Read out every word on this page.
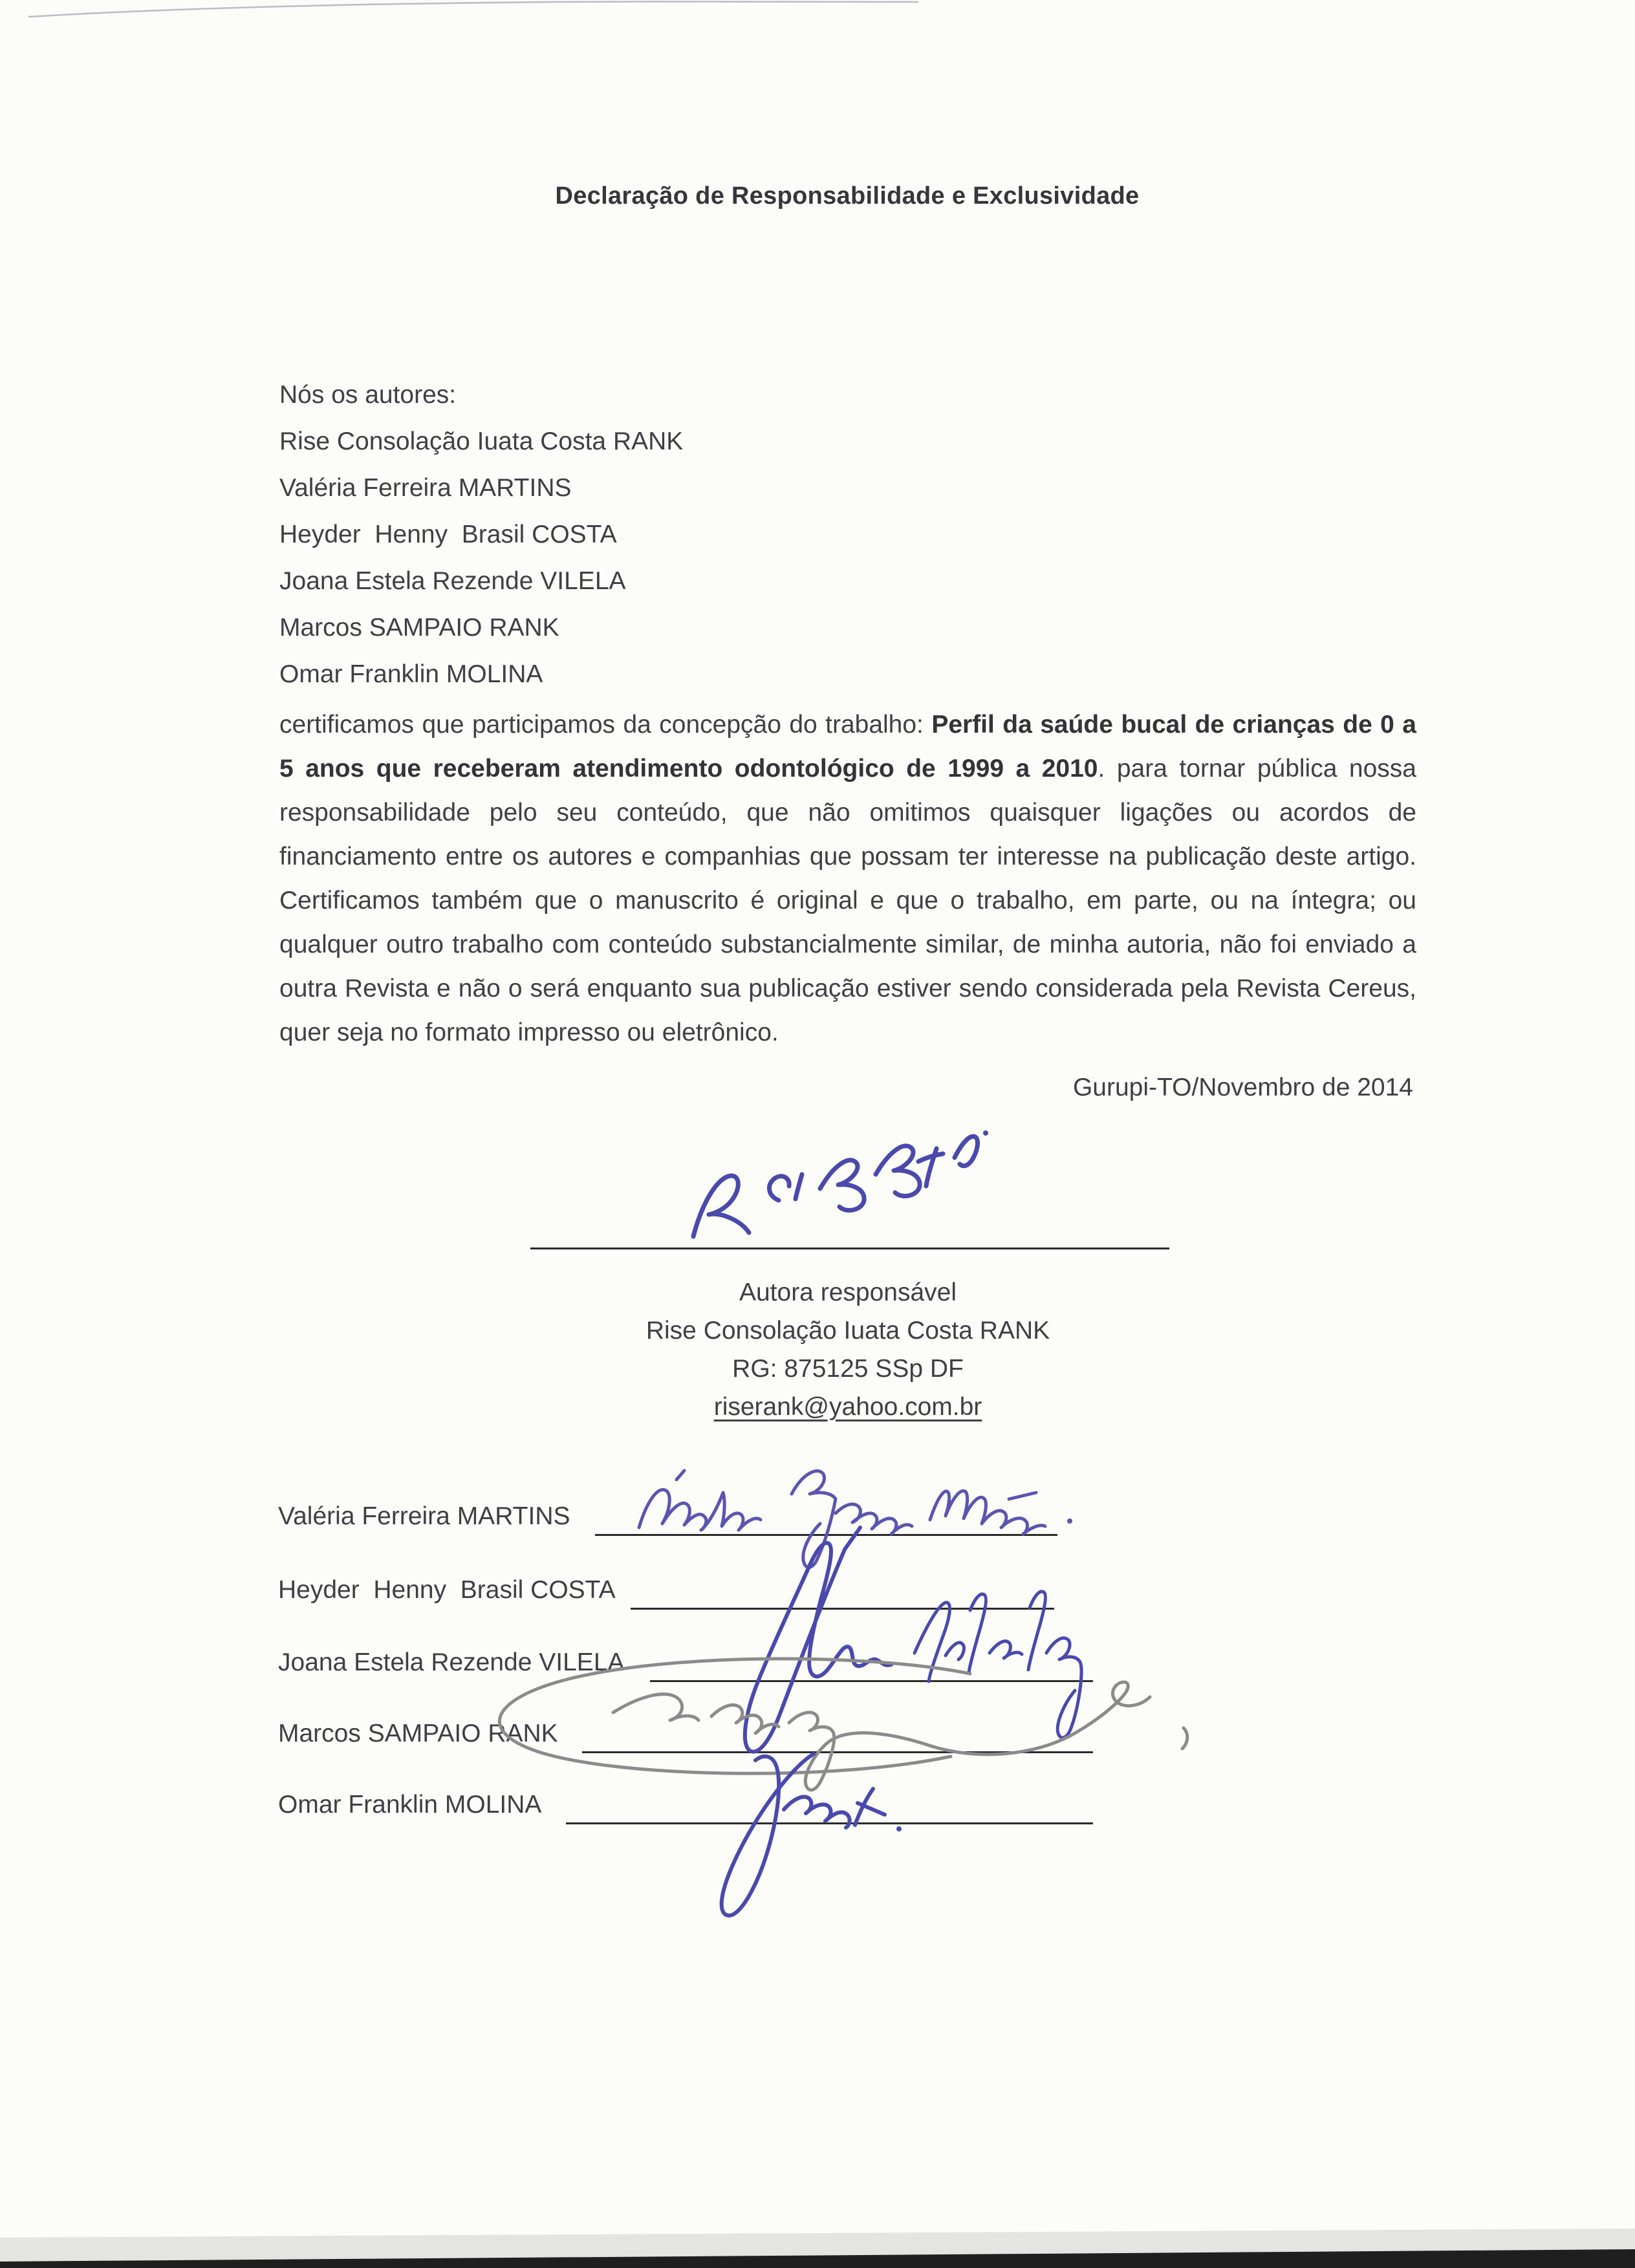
Declaração de Responsabilidade e Exclusividade
Nós os autores:
Rise Consolação Iuata Costa RANK
Valéria Ferreira MARTINS
Heyder  Henny  Brasil COSTA
Joana Estela Rezende VILELA
Marcos SAMPAIO RANK
Omar Franklin MOLINA
certificamos que participamos da concepção do trabalho: Perfil da saúde bucal de crianças de 0 a 5 anos que receberam atendimento odontológico de 1999 a 2010. para tornar pública nossa responsabilidade pelo seu conteúdo, que não omitimos quaisquer ligações ou acordos de financiamento entre os autores e companhias que possam ter interesse na publicação deste artigo. Certificamos também que o manuscrito é original e que o trabalho, em parte, ou na íntegra; ou qualquer outro trabalho com conteúdo substancialmente similar, de minha autoria, não foi enviado a outra Revista e não o será enquanto sua publicação estiver sendo considerada pela Revista Cereus, quer seja no formato impresso ou eletrônico.
Gurupi-TO/Novembro de 2014
Autora responsável
Rise Consolação Iuata Costa RANK
RG: 875125 SSp DF
riserank@yahoo.com.br
Valéria Ferreira MARTINS
Heyder  Henny  Brasil COSTA
Joana Estela Rezende VILELA
Marcos SAMPAIO RANK
Omar Franklin MOLINA
